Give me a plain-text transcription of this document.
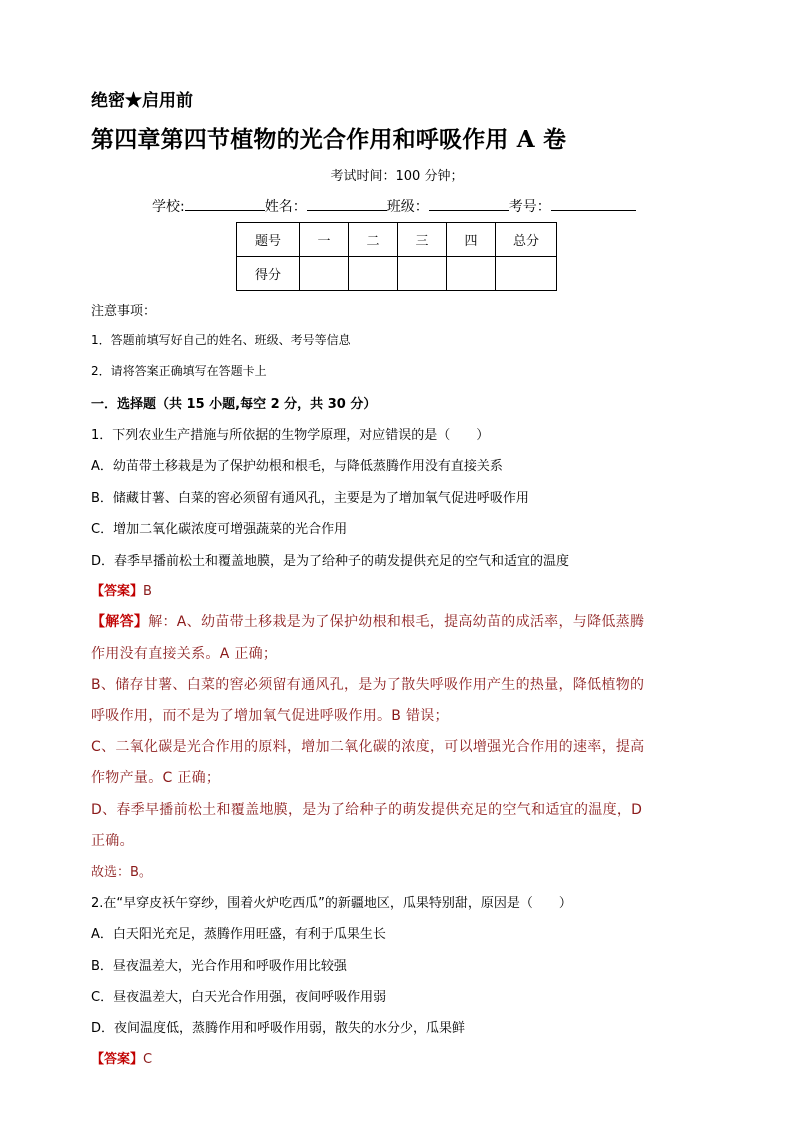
绝密★启用前
第四章第四节植物的光合作用和呼吸作用 A 卷
考试时间：100 分钟；
学校:	姓名：	班级：	考号：
题号	一	二	三	四	总分
得分					
注意事项：
1．答题前填写好自己的姓名、班级、考号等信息
2．请将答案正确填写在答题卡上
一．选择题（共 15 小题,每空 2 分，共 30 分）
1．下列农业生产措施与所依据的生物学原理，对应错误的是（　　）
A．幼苗带土移栽是为了保护幼根和根毛，与降低蒸腾作用没有直接关系
B．储藏甘薯、白菜的窖必须留有通风孔，主要是为了增加氧气促进呼吸作用
C．增加二氧化碳浓度可增强蔬菜的光合作用
D．春季早播前松土和覆盖地膜，是为了给种子的萌发提供充足的空气和适宜的温度
【答案】B
【解答】解：A、幼苗带土移栽是为了保护幼根和根毛，提高幼苗的成活率，与降低蒸腾
作用没有直接关系。A 正确；
B、储存甘薯、白菜的窖必须留有通风孔，是为了散失呼吸作用产生的热量，降低植物的
呼吸作用，而不是为了增加氧气促进呼吸作用。B 错误；
C、二氧化碳是光合作用的原料，增加二氧化碳的浓度，可以增强光合作用的速率，提高
作物产量。C 正确；
D、春季早播前松土和覆盖地膜，是为了给种子的萌发提供充足的空气和适宜的温度，D
正确。
故选：B。
2.在“早穿皮袄午穿纱，围着火炉吃西瓜”的新疆地区，瓜果特别甜，原因是（　　）
A．白天阳光充足，蒸腾作用旺盛，有利于瓜果生长
B．昼夜温差大，光合作用和呼吸作用比较强
C．昼夜温差大，白天光合作用强，夜间呼吸作用弱
D．夜间温度低，蒸腾作用和呼吸作用弱，散失的水分少，瓜果鲜
【答案】C
